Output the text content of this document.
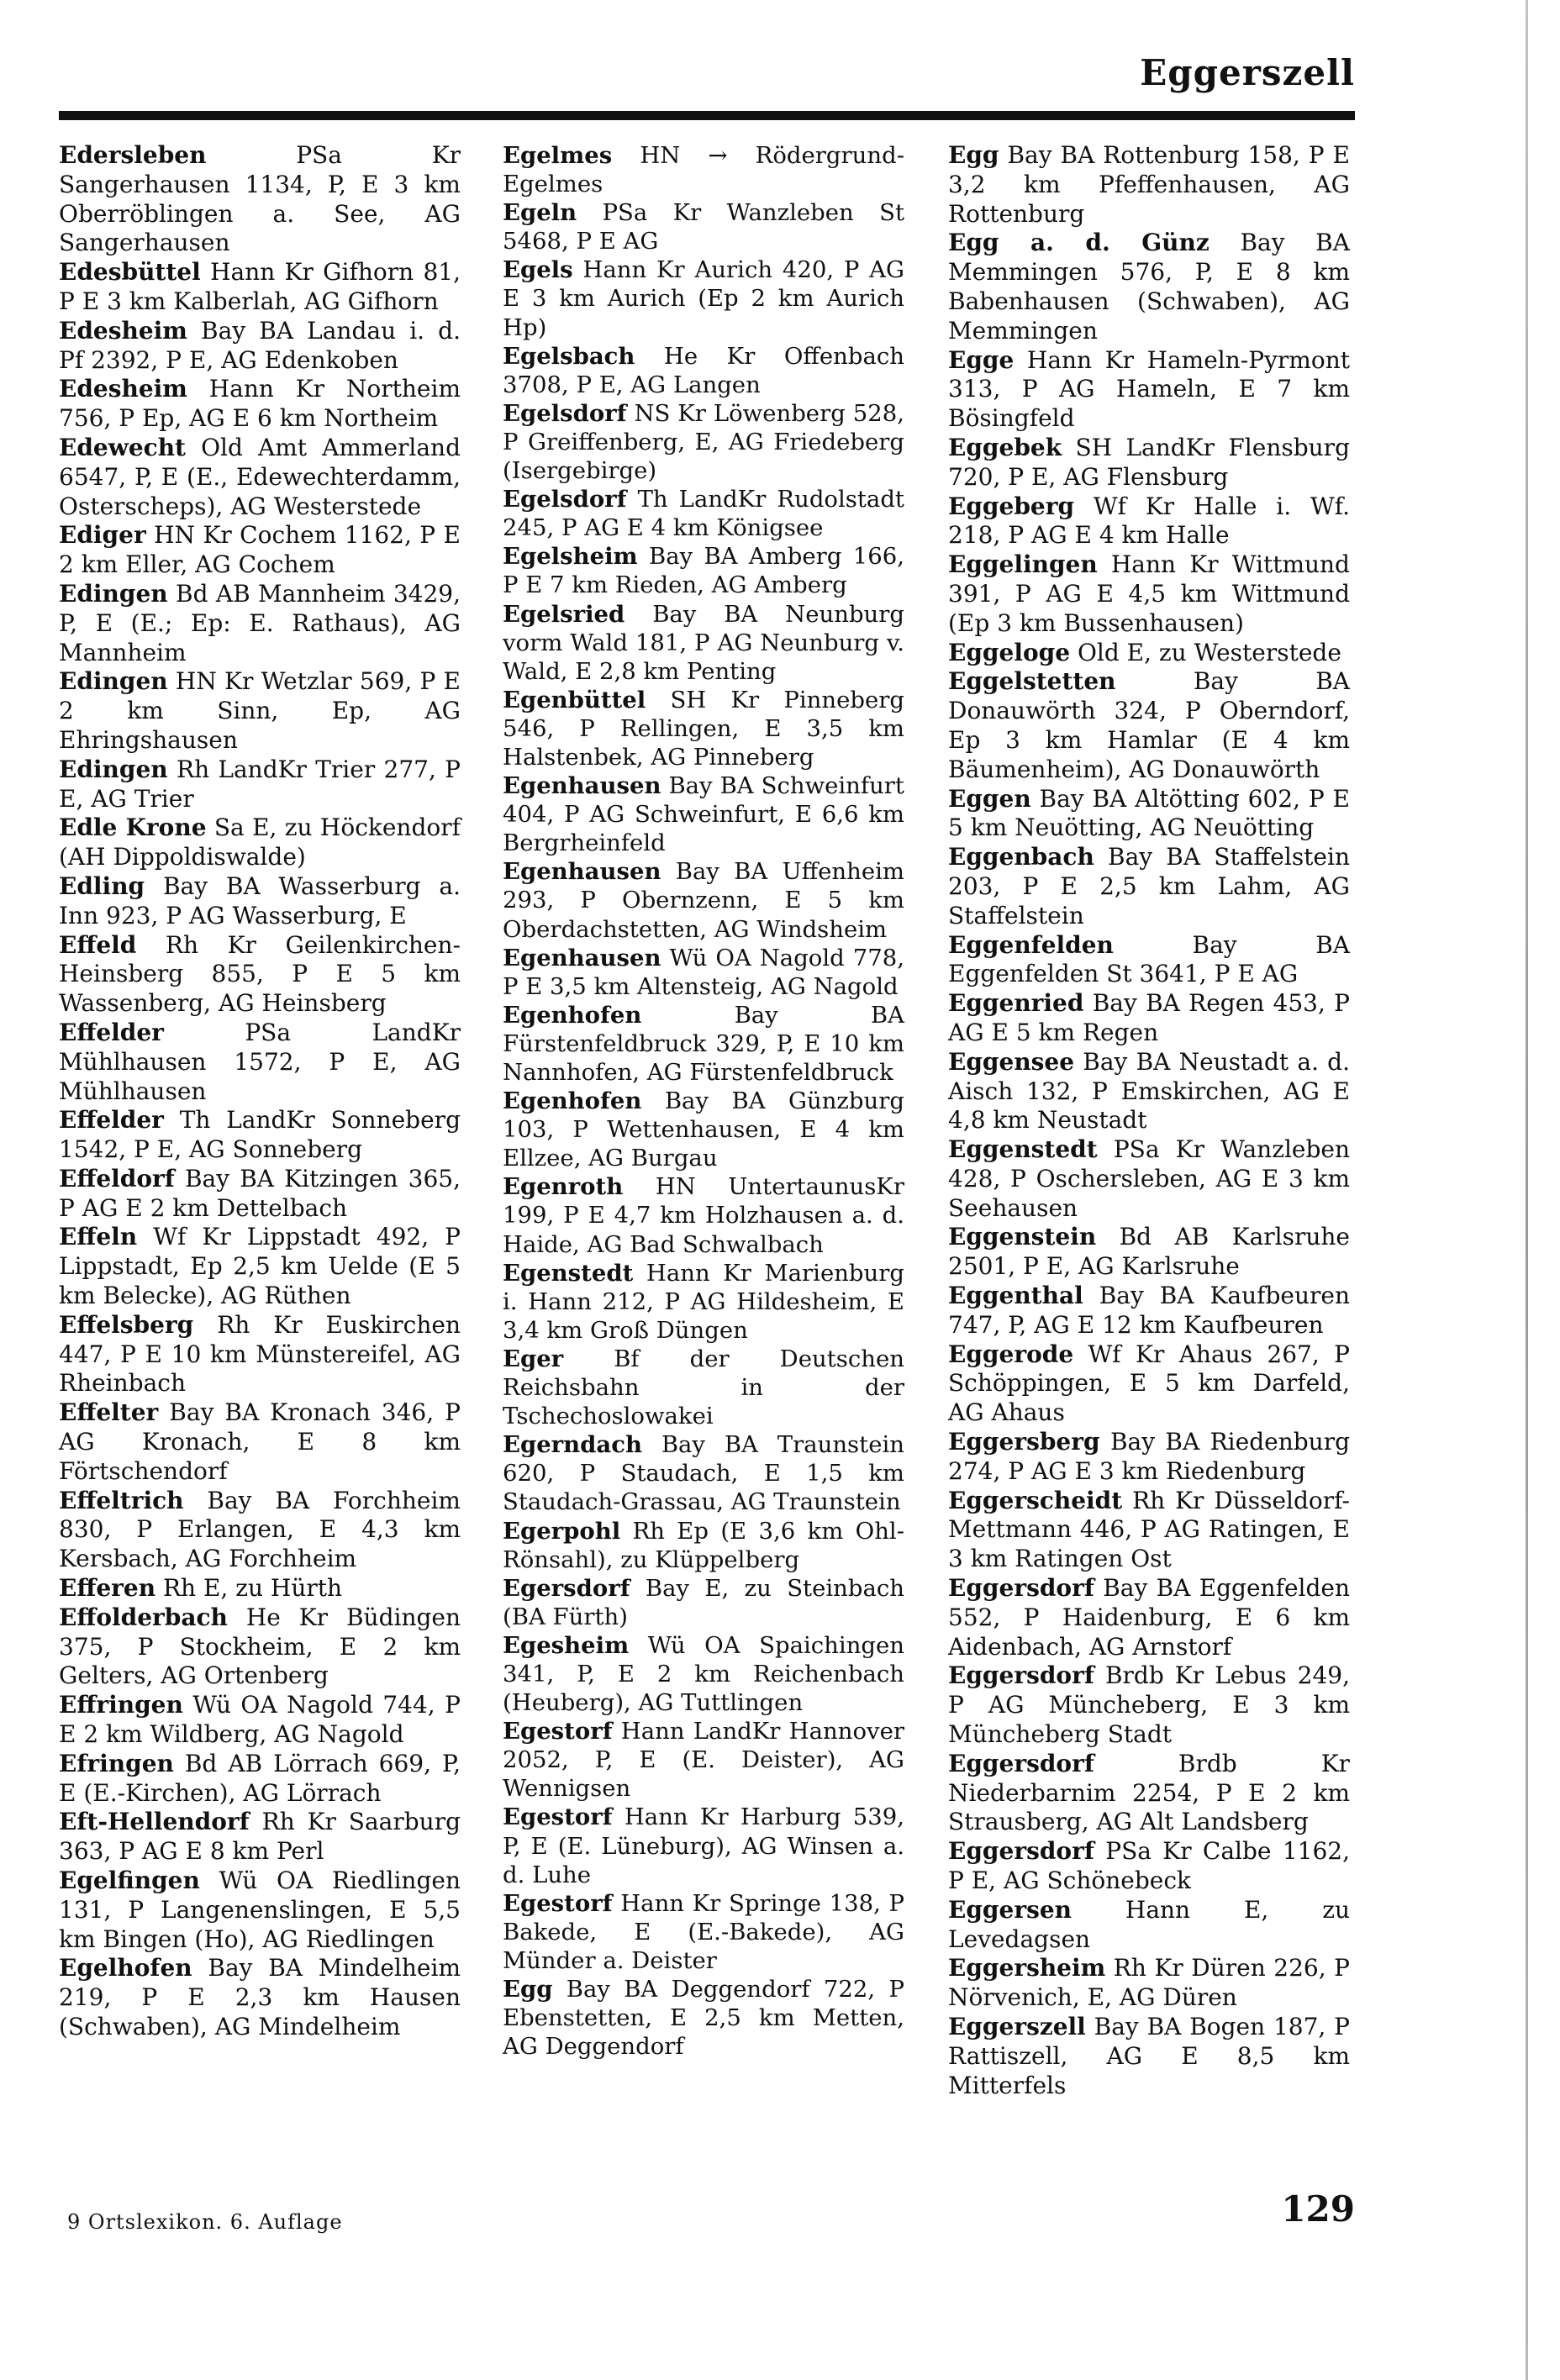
Eggerszell

Edersleben	PSa Kr Sangerhausen 1134, P, E 3 km Oberröblingen a. See, AG Sangerhausen

Edesbüttel Hann Kr Gifhorn 81, P E 3 km Kalberlah, AG Gifhorn

Edesheim Bay BA Landau i. d. Pf 2392, P E, AG Edenkoben

Edesheim Hann Kr Northeim 756, P Ep, AG E 6 km Northeim

Edewecht Old Amt Ammerland 6547, P, E (E., Edewechterdamm, Osterscheps), AG Westerstede

Ediger HN Kr Cochem 1162, P E 2 km Eller, AG Cochem

Edingen Bd AB Mannheim 3429, P, E (E.; Ep: E. Rathaus), AG Mannheim

Edingen HN Kr Wetzlar 569, P E 2 km Sinn, Ep, AG Ehringshausen

Edingen Rh LandKr Trier 277, P E, AG Trier

Edle Krone Sa E, zu Höckendorf (AH Dippoldiswalde)

Edling Bay BA Wasserburg a. Inn 923, P AG Wasserburg, E

Effeld Rh Kr Geilenkirchen-Heinsberg 855, P E 5 km Wassenberg, AG Heinsberg

Effelder	PSa LandKr Mühlhausen 1572, P E, AG Mühlhausen

Effelder Th LandKr Sonneberg 1542, P E, AG Sonneberg

Effeldorf Bay BA Kitzingen 365, P AG E 2 km Dettelbach

Effeln Wf Kr Lippstadt 492, P Lippstadt, Ep 2,5 km Uelde (E 5 km Belecke), AG Rüthen

Effelsberg Rh Kr Euskirchen 447, P E 10 km Münstereifel, AG Rheinbach

Effelter Bay BA Kronach 346, P AG Kronach, E 8 km Förtschendorf

Effeltrich Bay BA Forchheim 830, P Erlangen, E 4,3 km Kersbach, AG Forchheim

Efferen Rh E, zu Hürth

Effolderbach He Kr Büdingen 375, P Stockheim, E 2 km Gelters, AG Ortenberg

Effringen Wü OA Nagold 744, P E 2 km Wildberg, AG Nagold

Efringen Bd AB Lörrach 669, P, E (E.-Kirchen), AG Lörrach

Eft-Hellendorf Rh Kr Saarburg 363, P AG E 8 km Perl

Egelfingen Wü OA Riedlingen 131, P Langenenslingen, E 5,5 km Bingen (Ho), AG Riedlingen

Egelhofen Bay BA Mindelheim 219, P E 2,3 km Hausen (Schwaben), AG Mindelheim

Egelmes HN → Rödergrund-Egelmes

Egeln PSa Kr Wanzleben St 5468, P E AG

Egels Hann Kr Aurich 420, P AG E 3 km Aurich (Ep 2 km Aurich Hp)

Egelsbach He Kr Offenbach 3708, P E, AG Langen

Egelsdorf NS Kr Löwenberg 528, P Greiffenberg, E, AG Friedeberg (Isergebirge)

Egelsdorf Th LandKr Rudolstadt 245, P AG E 4 km Königsee

Egelsheim Bay BA Amberg 166, P E 7 km Rieden, AG Amberg

Egelsried Bay BA Neunburg vorm Wald 181, P AG Neunburg v. Wald, E 2,8 km Penting

Egenbüttel SH Kr Pinneberg 546, P Rellingen, E 3,5 km Halstenbek, AG Pinneberg

Egenhausen Bay BA Schweinfurt 404, P AG Schweinfurt, E 6,6 km Bergrheinfeld

Egenhausen Bay BA Uffenheim 293, P Obernzenn, E 5 km Oberdachstetten, AG Windsheim

Egenhausen Wü OA Nagold 778, P E 3,5 km Altensteig, AG Nagold

Egenhofen	Bay BA Fürstenfeldbruck 329, P, E 10 km Nannhofen, AG Fürstenfeldbruck

Egenhofen Bay BA Günzburg 103, P Wettenhausen, E 4 km Ellzee, AG Burgau

Egenroth HN UntertaunusKr 199, P E 4,7 km Holzhausen a. d. Haide, AG Bad Schwalbach

Egenstedt Hann Kr Marienburg i. Hann 212, P AG Hildesheim, E 3,4 km Groß Düngen

Eger Bf der Deutschen Reichsbahn in der Tschechoslowakei

Egerndach Bay BA Traunstein 620, P Staudach, E 1,5 km Staudach-Grassau, AG Traunstein

Egerpohl Rh Ep (E 3,6 km Ohl-Rönsahl), zu Klüppelberg

Egersdorf Bay E, zu Steinbach (BA Fürth)

Egesheim Wü OA Spaichingen 341, P, E 2 km Reichenbach (Heuberg), AG Tuttlingen

Egestorf Hann LandKr Hannover 2052, P, E (E. Deister), AG Wennigsen

Egestorf Hann Kr Harburg 539, P, E (E. Lüneburg), AG Winsen a. d. Luhe

Egestorf Hann Kr Springe 138, P Bakede, E (E.-Bakede), AG Münder a. Deister

Egg Bay BA Deggendorf 722, P Ebenstetten, E 2,5 km Metten, AG Deggendorf

Egg Bay BA Rottenburg 158, P E 3,2 km Pfeffenhausen, AG Rottenburg

Egg a. d. Günz Bay BA Memmingen 576, P, E 8 km Babenhausen (Schwaben), AG Memmingen

Egge Hann Kr Hameln-Pyrmont 313, P AG Hameln, E 7 km Bösingfeld

Eggebek SH LandKr Flensburg 720, P E, AG Flensburg

Eggeberg Wf Kr Halle i. Wf. 218, P AG E 4 km Halle

Eggelingen Hann Kr Wittmund 391, P AG E 4,5 km Wittmund (Ep 3 km Bussenhausen)

Eggeloge Old E, zu Westerstede

Eggelstetten	Bay BA Donauwörth 324, P Oberndorf, Ep 3 km Hamlar (E 4 km Bäumenheim), AG Donauwörth

Eggen Bay BA Altötting 602, P E 5 km Neuötting, AG Neuötting

Eggenbach Bay BA Staffelstein 203, P E 2,5 km Lahm, AG Staffelstein

Eggenfelden	Bay BA Eggenfelden St 3641, P E AG

Eggenried Bay BA Regen 453, P AG E 5 km Regen

Eggensee Bay BA Neustadt a. d. Aisch 132, P Emskirchen, AG E 4,8 km Neustadt

Eggenstedt PSa Kr Wanzleben 428, P Oschersleben, AG E 3 km Seehausen

Eggenstein Bd AB Karlsruhe 2501, P E, AG Karlsruhe

Eggenthal Bay BA Kaufbeuren 747, P, AG E 12 km Kaufbeuren

Eggerode Wf Kr Ahaus 267, P Schöppingen, E 5 km Darfeld, AG Ahaus

Eggersberg Bay BA Riedenburg 274, P AG E 3 km Riedenburg

Eggerscheidt Rh Kr Düsseldorf-Mettmann 446, P AG Ratingen, E 3 km Ratingen Ost

Eggersdorf Bay BA Eggenfelden 552, P Haidenburg, E 6 km Aidenbach, AG Arnstorf

Eggersdorf Brdb Kr Lebus 249, P AG Müncheberg, E 3 km Müncheberg Stadt

Eggersdorf	Brdb Kr Niederbarnim 2254, P E 2 km Strausberg, AG Alt Landsberg

Eggersdorf PSa Kr Calbe 1162, P E, AG Schönebeck

Eggersen Hann E, zu Levedagsen

Eggersheim Rh Kr Düren 226, P Nörvenich, E, AG Düren

Eggerszell Bay BA Bogen 187, P Rattiszell, AG E 8,5 km Mitterfels

9 Ortslexikon. 6. Auflage	129
